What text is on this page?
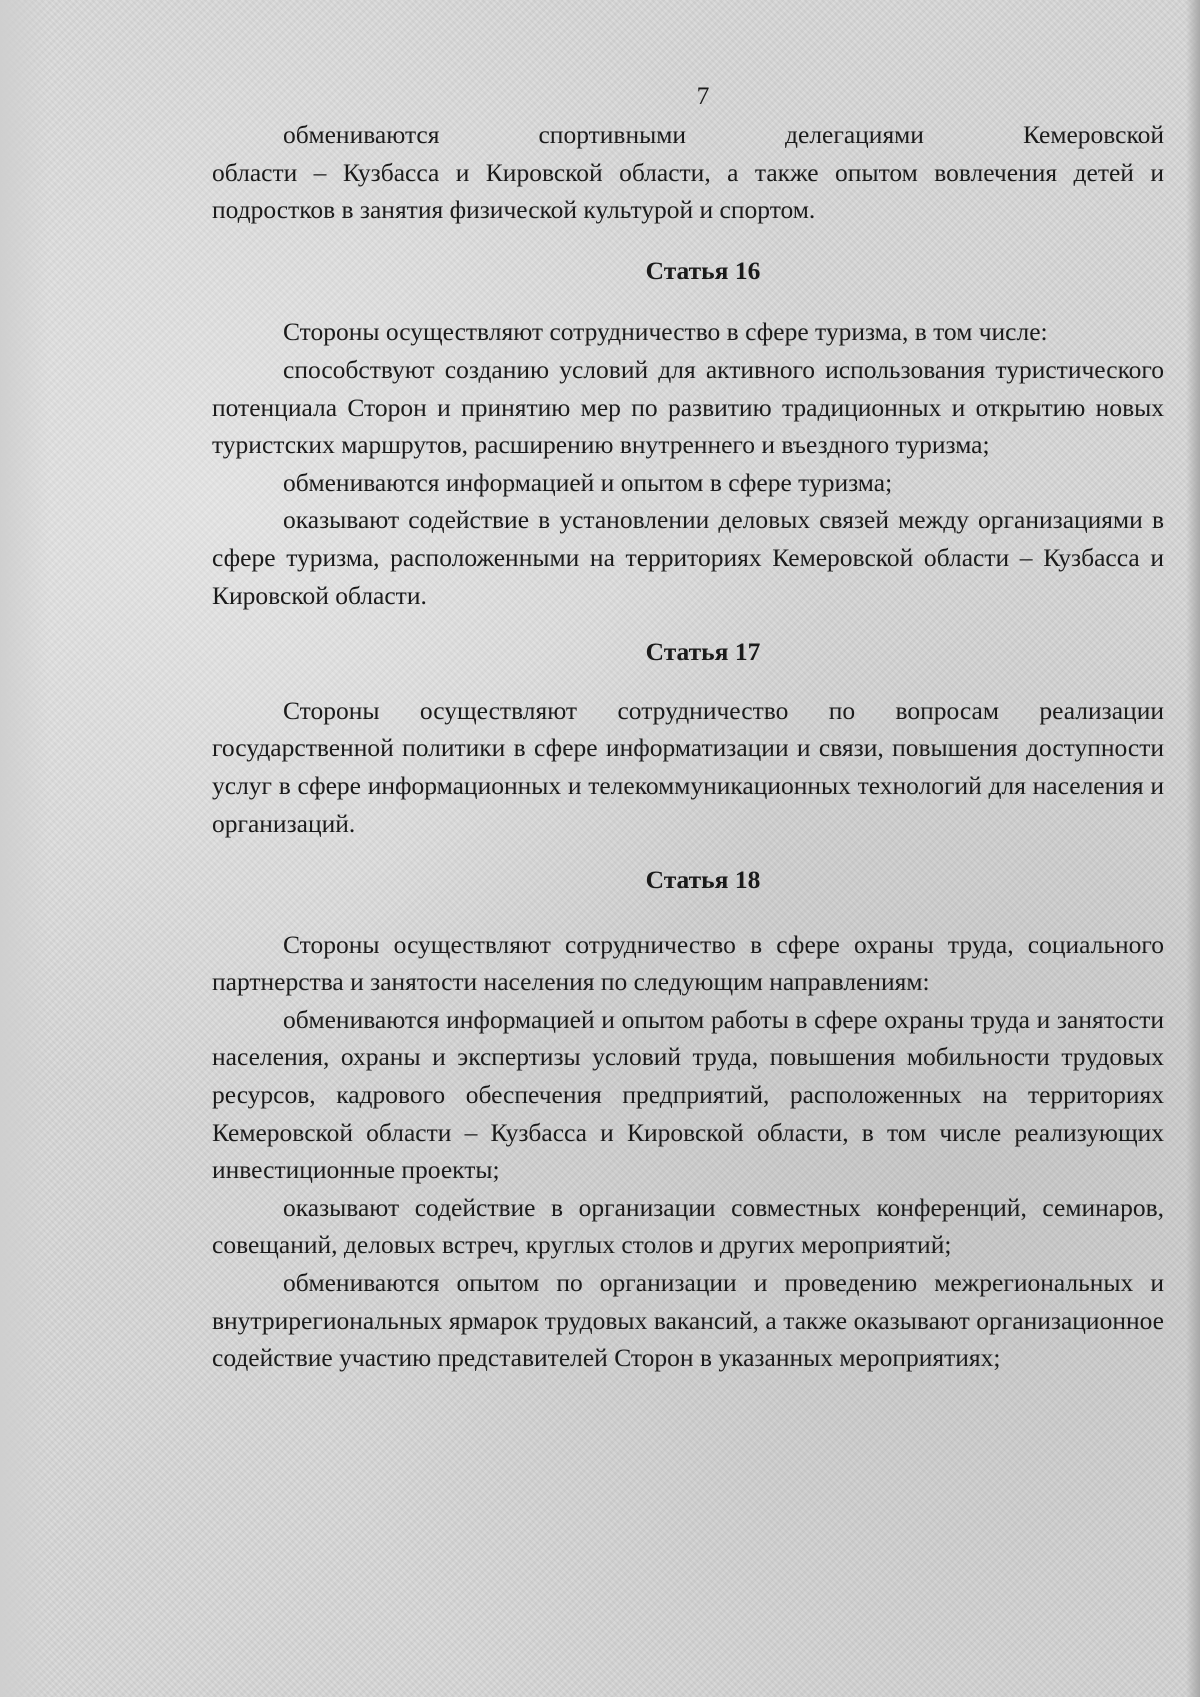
7
обмениваются спортивными делегациями Кемеровской

области – Кузбасса и Кировской области, а также опытом вовлечения детей и подростков в занятия физической культурой и спортом.

Статья 16

Стороны осуществляют сотрудничество в сфере туризма, в том числе:

способствуют созданию условий для активного использования туристического потенциала Сторон и принятию мер по развитию традиционных и открытию новых туристских маршрутов, расширению внутреннего и въездного туризма;

обмениваются информацией и опытом в сфере туризма;

оказывают содействие в установлении деловых связей между организациями в сфере туризма, расположенными на территориях Кемеровской области – Кузбасса и Кировской области.

Статья 17

Стороны осуществляют сотрудничество по вопросам реализации государственной политики в сфере информатизации и связи, повышения доступности услуг в сфере информационных и телекоммуникационных технологий для населения и организаций.

Статья 18

Стороны осуществляют сотрудничество в сфере охраны труда, социального партнерства и занятости населения по следующим направлениям:

обмениваются информацией и опытом работы в сфере охраны труда и занятости населения, охраны и экспертизы условий труда, повышения мобильности трудовых ресурсов, кадрового обеспечения предприятий, расположенных на территориях Кемеровской области – Кузбасса и Кировской области, в том числе реализующих инвестиционные проекты;

оказывают содействие в организации совместных конференций, семинаров, совещаний, деловых встреч, круглых столов и других мероприятий;

обмениваются опытом по организации и проведению межрегиональных и внутрирегиональных ярмарок трудовых вакансий, а также оказывают организационное содействие участию представителей Сторон в указанных мероприятиях;
